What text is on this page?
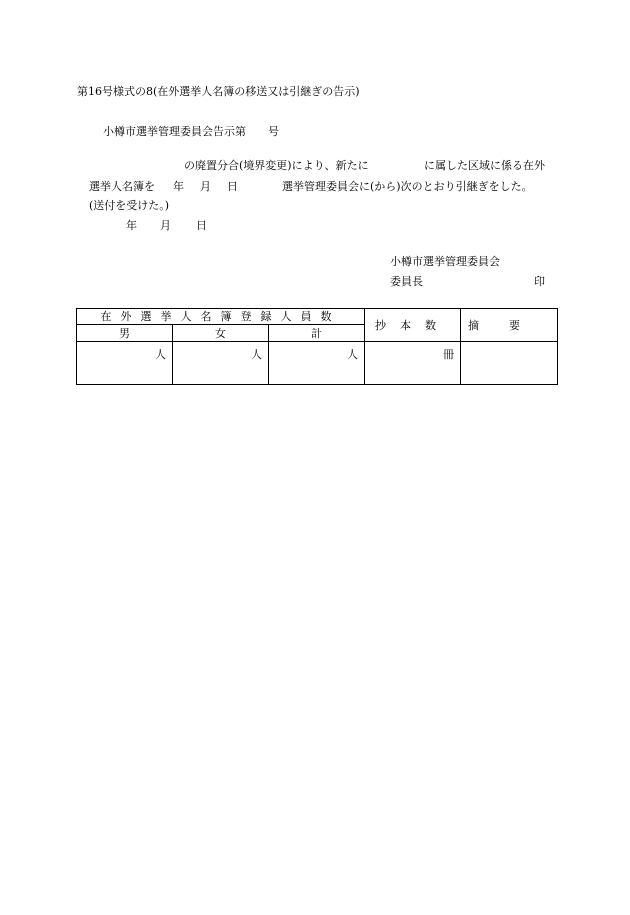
第16号様式の8(在外選挙人名簿の移送又は引継ぎの告示)
小樽市選挙管理委員会告示第　　号
の廃置分合(境界変更)により、新たに	に属した区域に係る在外
選挙人名簿を 年 月 日	選挙管理委員会に(から)次のとおり引継ぎをした。
(送付を受けた。)
年 月 日
小樽市選挙管理委員会
委員長	印
在外選挙人名簿登録人員数			抄本数	摘要
男	女	計		
人	人	人	冊	
